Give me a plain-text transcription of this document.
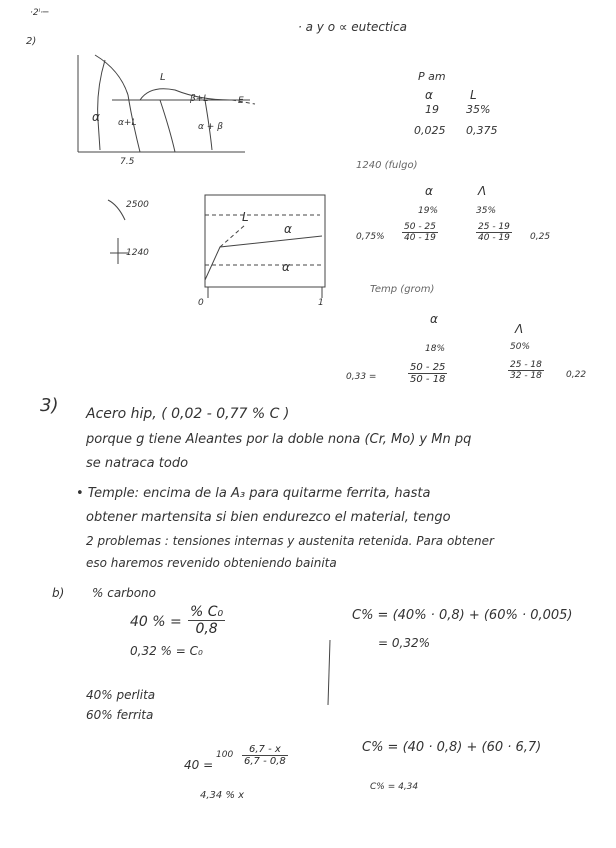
·2ⁱ·─
2)
· a y o ∝ eutectica
L
α α+L	α + β
β+L	E
7.5
P am
α	L
19 35%
0,025 0,375
1240 (fulgo)
α	Λ
19%	35%
$0,75\% \frac{50 - 25}{40 - 19}$	$\frac{25 - 19}{40 - 19} 0,25$
2500
1240
L
α
α
0	1
Temp (grom)
α
Λ
18%	50%
0,33 =	$\frac{50 - 25}{50 - 18}$	$\frac{25 - 18}{32 - 18} 0,22$
3) Acero hip, ( 0,02 - 0,77 % C )
porque g tiene Aleantes por la doble nona (Cr, Mo) y Mn pq
se natraca todo
• Temple: encima de la A₃ para quitarme ferrita, hasta
obtener martensita si bien endurezco el material, tengo
2 problemas : tensiones internas y austenita retenida. Para obtener
eso haremos revenido obteniendo bainita
b) % carbono
40 % = $\frac{\text{\% C₀}}{0,8}$
0,32 % = C₀
C% = (40% · 0,8) + (60% · 0,005)
= 0,32%
40% perlita
60% ferrita
40 =
$100 \frac{6,7 - x}{6,7 - 0,8}$
4,34 % x
C% = (40 · 0,8) + (60 · 6,7)
C% = 4,34
